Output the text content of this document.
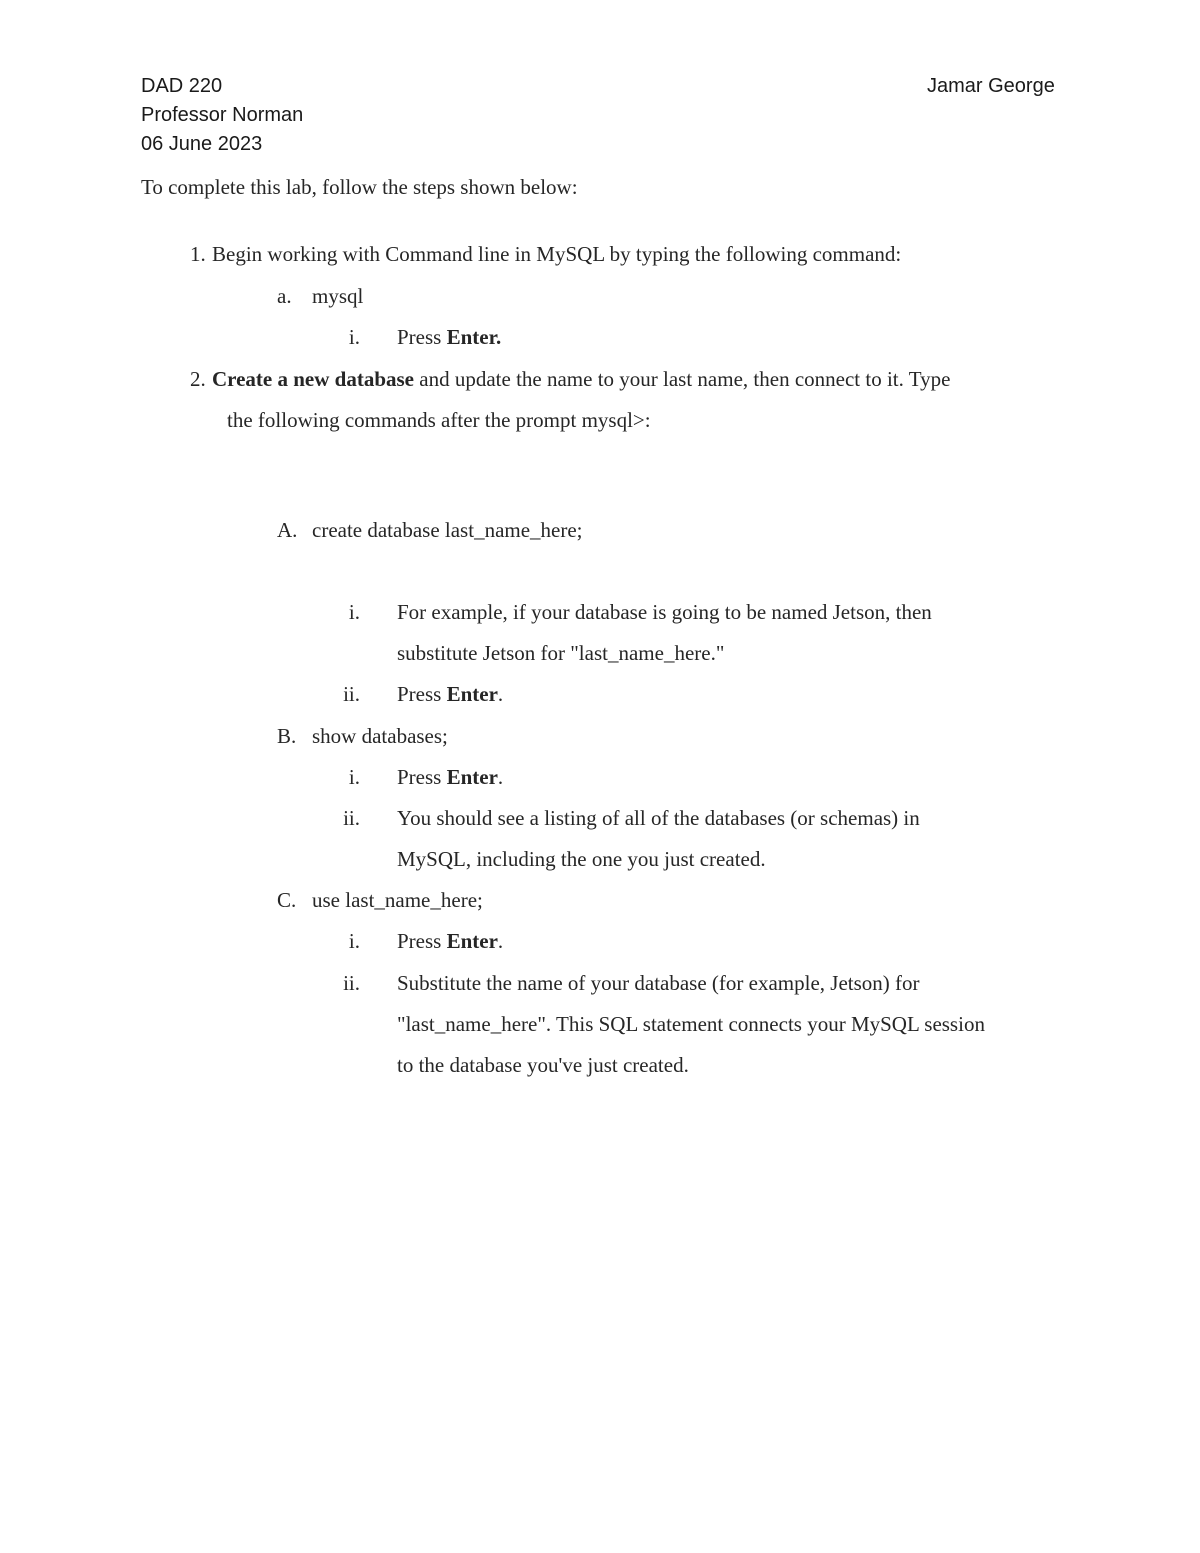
DAD 220
Professor Norman
06 June 2023
Jamar George
To complete this lab, follow the steps shown below:
1. Begin working with Command line in MySQL by typing the following command:
a. mysql
i. Press Enter.
2. Create a new database and update the name to your last name, then connect to it. Type
the following commands after the prompt mysql>:
A. create database last_name_here;
i. For example, if your database is going to be named Jetson, then
substitute Jetson for "last_name_here."
ii. Press Enter.
B. show databases;
i. Press Enter.
ii. You should see a listing of all of the databases (or schemas) in
MySQL, including the one you just created.
C. use last_name_here;
i. Press Enter.
ii. Substitute the name of your database (for example, Jetson) for
"last_name_here". This SQL statement connects your MySQL session
to the database you've just created.
